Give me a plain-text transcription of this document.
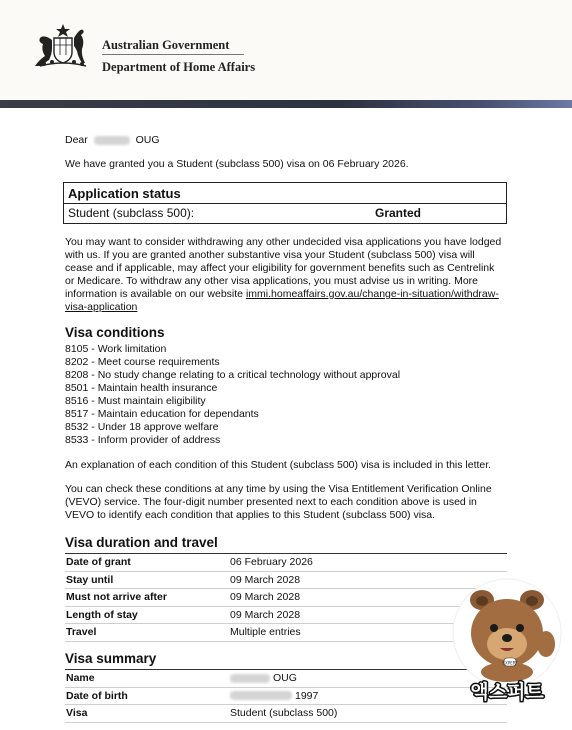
Australian Government
Department of Home Affairs
Dear	OUG
We have granted you a Student (subclass 500) visa on 06 February 2026.
Application status
Student (subclass 500):	Granted
You may want to consider withdrawing any other undecided visa applications you have lodged with us. If you are granted another substantive visa your Student (subclass 500) visa will cease and if applicable, may affect your eligibility for government benefits such as Centrelink or Medicare. To withdraw any other visa applications, you must advise us in writing. More information is available on our website immi.homeaffairs.gov.au/change-in-situation/withdraw-visa-application
Visa conditions
8105 - Work limitation
8202 - Meet course requirements
8208 - No study change relating to a critical technology without approval
8501 - Maintain health insurance
8516 - Must maintain eligibility
8517 - Maintain education for dependants
8532 - Under 18 approve welfare
8533 - Inform provider of address
An explanation of each condition of this Student (subclass 500) visa is included in this letter.
You can check these conditions at any time by using the Visa Entitlement Verification Online (VEVO) service. The four-digit number presented next to each condition above is used in VEVO to identify each condition that applies to this Student (subclass 500) visa.
Visa duration and travel
Date of grant	06 February 2026
Stay until	09 March 2028
Must not arrive after	09 March 2028
Length of stay	09 March 2028
Travel	Multiple entries
Visa summary
Name	OUG
Date of birth	1997
Visa	Student (subclass 500)
EXPERT
액스퍼트
